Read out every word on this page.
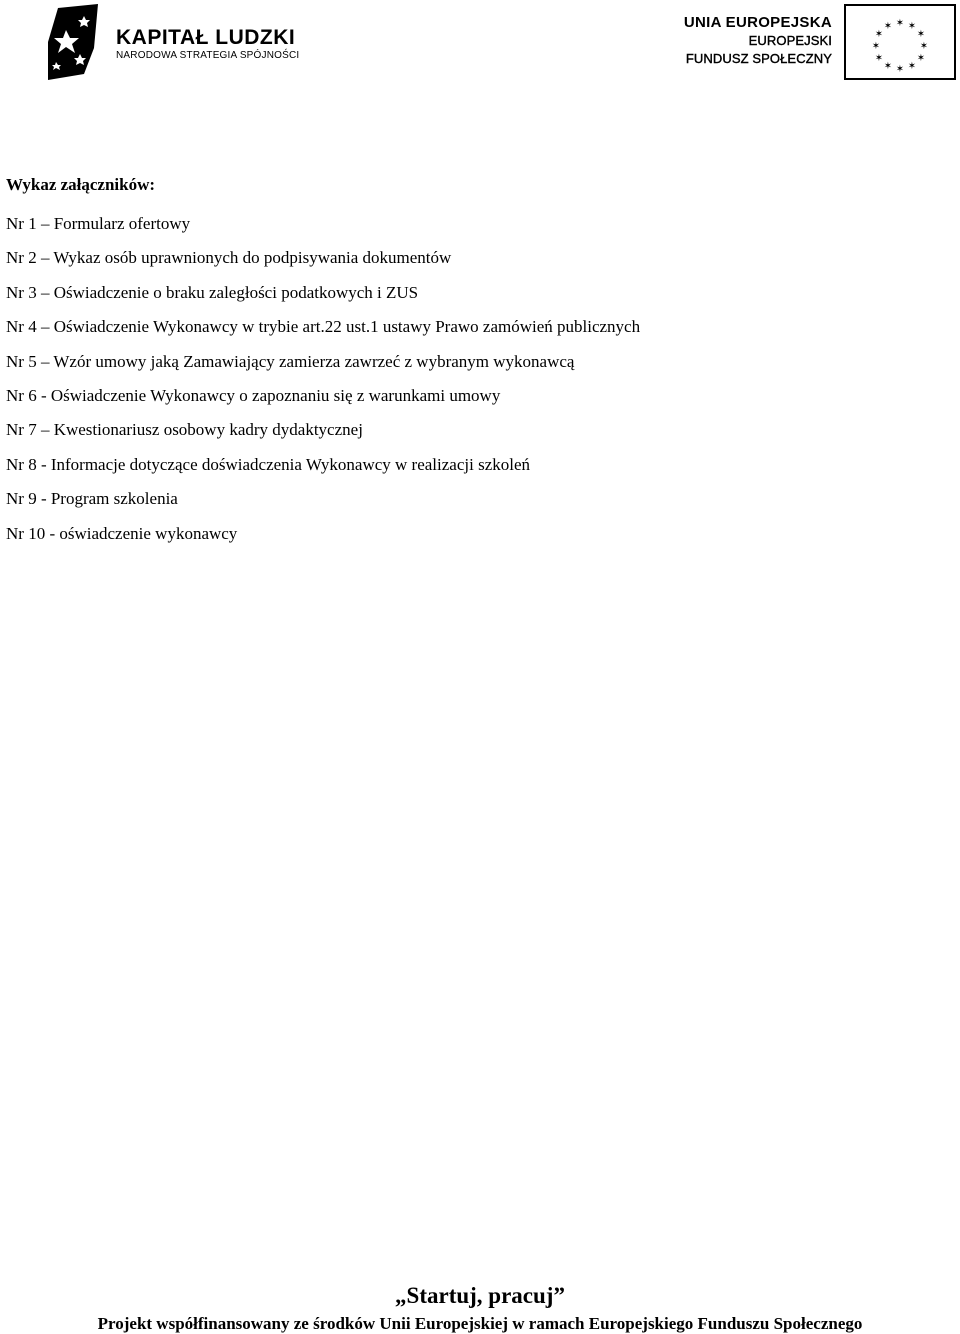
KAPITAŁ LUDZKI
NARODOWA STRATEGIA SPÓJNOŚCI
UNIA EUROPEJSKA
EUROPEJSKI
FUNDUSZ SPOŁECZNY
✶ ✶
✶
✶
✶
✶
✶
✶
✶
✶
✶
✶
Wykaz załączników:
Nr 1 – Formularz ofertowy
Nr 2 – Wykaz osób uprawnionych do podpisywania dokumentów
Nr 3 – Oświadczenie o braku zaległości podatkowych i ZUS
Nr 4 – Oświadczenie Wykonawcy w trybie art.22 ust.1 ustawy Prawo zamówień publicznych
Nr 5 – Wzór umowy jaką Zamawiający zamierza zawrzeć z wybranym wykonawcą
Nr 6 - Oświadczenie Wykonawcy o zapoznaniu się z warunkami umowy
Nr 7 – Kwestionariusz osobowy kadry dydaktycznej
Nr 8 - Informacje dotyczące doświadczenia Wykonawcy w realizacji szkoleń
Nr 9 - Program szkolenia
Nr 10 - oświadczenie wykonawcy
„Startuj, pracuj”
Projekt współfinansowany ze środków Unii Europejskiej w ramach Europejskiego Funduszu Społecznego
